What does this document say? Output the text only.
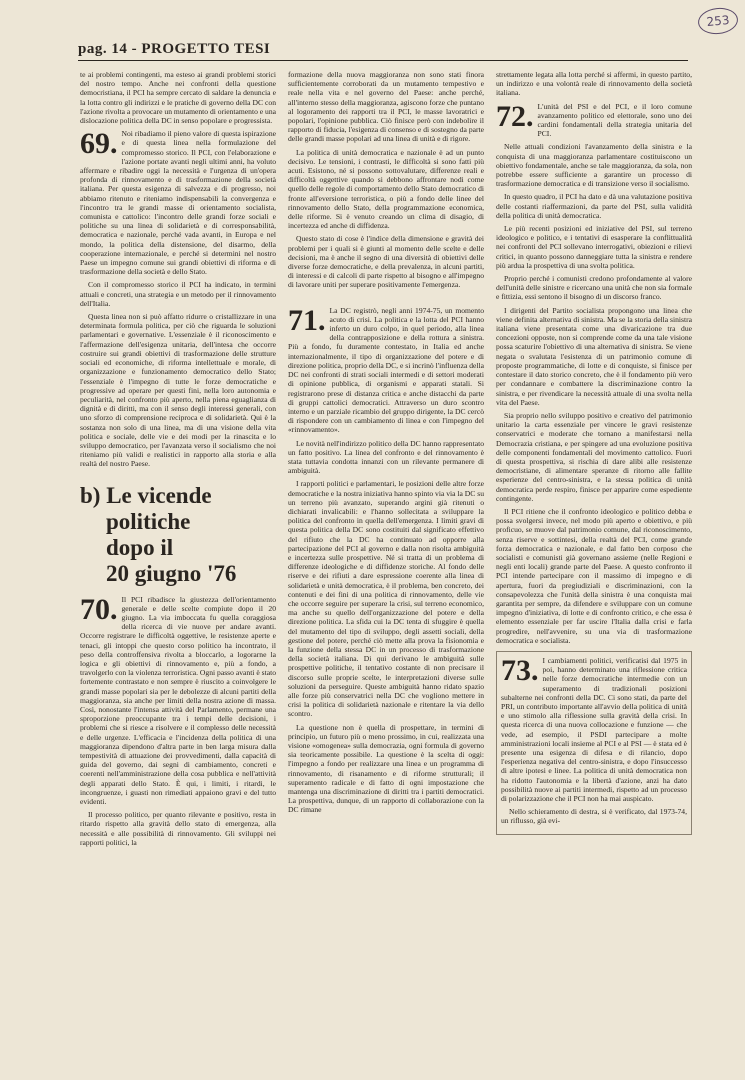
pag. 14 - PROGETTO TESI
253

te ai problemi contingenti, ma esteso ai grandi problemi storici del nostro tempo. Anche nei confronti della questione democristiana, il PCI ha sempre cercato di saldare la denuncia e la lotta contro gli indirizzi e le pratiche di governo della DC con l'azione rivolta a provocare un mutamento di orientamento e una dislocazione politica della DC in senso popolare e progressista.

69. Noi ribadiamo il pieno valore di questa ispirazione e di questa linea nella formulazione del compromesso storico. Il PCI, con l'elaborazione e l'azione portate avanti negli ultimi anni, ha voluto affermare e ribadire oggi la necessità e l'urgenza di un'opera profonda di rinnovamento e di trasformazione della società italiana. Per questa esigenza di salvezza e di progresso, noi abbiamo ritenuto e riteniamo indispensabili la convergenza e l'incontro tra le grandi masse di orientamento socialista, comunista e cattolico: l'incontro delle grandi forze sociali e politiche su una linea di solidarietà e di corresponsabilità, democratica e nazionale, perché vada avanti, in Europa e nel mondo, la politica della distensione, del disarmo, della cooperazione internazionale, e perché si determini nel nostro Paese un impegno comune sui grandi obiettivi di riforma e di trasformazione della società e dello Stato.

Con il compromesso storico il PCI ha indicato, in termini attuali e concreti, una strategia e un metodo per il rinnovamento dell'Italia.

Questa linea non si può affatto ridurre o cristallizzare in una determinata formula politica, per ciò che riguarda le soluzioni parlamentari e governative. L'essenziale è il riconoscimento e l'affermazione dell'esigenza unitaria, dell'intesa che occorre costruire sui grandi obiettivi di trasformazione delle strutture sociali ed economiche, di riforma intellettuale e morale, di organizzazione e funzionamento democratico dello Stato; l'essenziale è l'impegno di tutte le forze democratiche e progressive ad operare per questi fini, nella loro autonomia e peculiarità, nel confronto più aperto, nella piena eguaglianza di dignità e di diritti, ma con il senso degli interessi generali, con uno sforzo di comprensione reciproca e di solidarietà. Qui è la sostanza non solo di una linea, ma di una visione della vita politica e sociale, delle vie e dei modi per la rinascita e lo sviluppo democratico, per l'avanzata verso il socialismo che noi riteniamo più validi e realistici in rapporto alla storia e alla realtà del nostro Paese.

b) Le vicende
politiche
dopo il
20 giugno '76
70. Il PCI ribadisce la giustezza dell'orientamento generale e delle scelte compiute dopo il 20 giugno. La via imboccata fu quella coraggiosa della ricerca di vie nuove per andare avanti. Occorre registrare le difficoltà oggettive, le resistenze aperte e tenaci, gli intoppi che questo corso politico ha incontrato, il peso della controffensiva rivolta a bloccarlo, a logorarne la logica e gli obiettivi di rinnovamento e, più a fondo, a travolgerlo con la violenza terroristica. Ogni passo avanti è stato fortemente contrastato e non sempre è riuscito a coinvolgere le grandi masse popolari sia per le debolezze di alcuni partiti della maggioranza, sia anche per limiti della nostra azione di massa. Così, nonostante l'intensa attività del Parlamento, permane una sproporzione preoccupante tra i tempi delle decisioni, i problemi che si riesce a risolvere e il complesso delle necessità e delle urgenze. L'efficacia e l'incidenza della politica di una maggioranza dipendono d'altra parte in ben larga misura dalla tempestività di attuazione dei provvedimenti, dalla capacità di guida del governo, dai segni di cambiamento, concreti e coerenti nell'amministrazione della cosa pubblica e nell'attività degli apparati dello Stato. È qui, i limiti, i ritardi, le incongruenze, i guasti non rimediati appaiono gravi e del tutto evidenti.

Il processo politico, per quanto rilevante e positivo, resta in ritardo rispetto alla gravità dello stato di emergenza, alla necessità e alle possibilità di rinnovamento. Gli sviluppi nei rapporti politici, la

formazione della nuova maggioranza non sono stati finora sufficientemente corroborati da un mutamento tempestivo e reale nella vita e nel governo del Paese: anche perché, all'interno stesso della maggioranza, agiscono forze che puntano al logoramento dei rapporti tra il PCI, le masse lavoratrici e popolari, l'opinione pubblica. Ciò finisce però con indebolire il rapporto di fiducia, l'esigenza di consenso e di sostegno da parte delle grandi masse popolari ad una linea di unità e di rigore.

La politica di unità democratica e nazionale è ad un punto decisivo. Le tensioni, i contrasti, le difficoltà si sono fatti più acuti. Esistono, né si possono sottovalutare, differenze reali e difficoltà oggettive quando si debbono affrontare nodi come quello delle regole di comportamento dello Stato democratico di fronte all'eversione terroristica, o più a fondo delle linee del rinnovamento dello Stato, della programmazione economica, delle riforme. Si è venuto creando un clima di disagio, di incertezza ed anche di diffidenza.

Questo stato di cose è l'indice della dimensione e gravità dei problemi per i quali si è giunti al momento delle scelte e delle decisioni, ma è anche il segno di una diversità di obiettivi delle diverse forze democratiche, e della prevalenza, in alcuni partiti, di interessi e di calcoli di parte rispetto al bisogno e all'impegno di lavorare uniti per superare positivamente l'emergenza.

71. La DC registrò, negli anni 1974-75, un momento acuto di crisi. La politica e la lotta del PCI hanno inferto un duro colpo, in quel periodo, alla linea della contrapposizione e della rottura a sinistra. Più a fondo, fu duramente contestato, in Italia ed anche internazionalmente, il tipo di organizzazione del potere e di direzione politica, proprio della DC, e si incrinò l'influenza della DC nei confronti di strati sociali intermedi e di settori moderati di opinione pubblica, di organismi e apparati statali. Si registrarono prese di distanza critica e anche distacchi da parte di gruppi cattolici democratici. Attraverso un duro scontro interno e un parziale ricambio del gruppo dirigente, la DC cercò di rispondere con un cambiamento di linea e con l'impegno del «rinnovamento».

Le novità nell'indirizzo politico della DC hanno rappresentato un fatto positivo. La linea del confronto e del rinnovamento è stata tuttavia condotta innanzi con un rilevante permanere di ambiguità.

I rapporti politici e parlamentari, le posizioni delle altre forze democratiche e la nostra iniziativa hanno spinto via via la DC su un terreno più avanzato, superando argini già ritenuti o dichiarati invalicabili: e l'hanno sollecitata a sviluppare la politica del confronto in quella dell'emergenza. I limiti gravi di questa politica della DC sono costituiti dal significato effettivo del rifiuto che la DC ha continuato ad opporre alla partecipazione del PCI al governo e dalla non risolta ambiguità e incertezza sulle prospettive. Né si tratta di un problema di differenze ideologiche e di diffidenze storiche. Al fondo delle riserve e dei rifiuti a dare espressione coerente alla linea di solidarietà e unità democratica, è il problema, ben concreto, dei contenuti e dei fini di una politica di rinnovamento, delle vie che occorre seguire per superare la crisi, sul terreno economico, ma anche su quello dell'organizzazione del potere e della direzione politica. La sfida cui la DC tenta di sfuggire è quella del mutamento del tipo di sviluppo, degli assetti sociali, della gestione del potere, perché ciò mette alla prova la fisionomia e la funzione della stessa DC in un processo di trasformazione della società italiana. Di qui derivano le ambiguità sulle prospettive politiche, il tentativo costante di non precisare il discorso sulle proprie scelte, le interpretazioni diverse sulle soluzioni da perseguire. Queste ambiguità hanno ridato spazio alle forze più conservatrici nella DC che vogliono mettere in crisi la politica di solidarietà nazionale e ritentare la via dello scontro.

La questione non è quella di prospettare, in termini di principio, un futuro più o meno prossimo, in cui, realizzata una visione «omogenea» sulla democrazia, ogni formula di governo sia teoricamente possibile. La questione è la scelta di oggi: l'impegno a fondo per realizzare una linea e un programma di rinnovamento, di risanamento e di riforme strutturali; il superamento radicale e di fatto di ogni impostazione che mantenga una discriminazione di diritti tra i partiti democratici. La prospettiva, dunque, di un rapporto di collaborazione con la DC rimane

strettamente legata alla lotta perché si affermi, in questo partito, un indirizzo e una volontà reale di rinnovamento della società italiana.

72. L'unità del PSI e del PCI, e il loro comune avanzamento politico ed elettorale, sono uno dei cardini fondamentali della strategia unitaria del PCI.

Nelle attuali condizioni l'avanzamento della sinistra e la conquista di una maggioranza parlamentare costituiscono un obiettivo fondamentale, anche se tale maggioranza, da sola, non potrebbe essere sufficiente a garantire un processo di trasformazione democratica e di transizione verso il socialismo.

In questo quadro, il PCI ha dato e dà una valutazione positiva delle costanti riaffermazioni, da parte del PSI, sulla validità della politica di unità democratica.

Le più recenti posizioni ed iniziative del PSI, sul terreno ideologico e politico, e i tentativi di esasperare la conflittualità nei confronti del PCI sollevano interrogativi, obiezioni e rilievi critici, in quanto possono danneggiare tutta la sinistra e rendere più ardua la prospettiva di una svolta politica.

Proprio perché i comunisti credono profondamente al valore dell'unità delle sinistre e ricercano una unità che non sia formale e fittizia, essi sentono il bisogno di un discorso franco.

I dirigenti del Partito socialista propongono una linea che viene definita alternativa di sinistra. Ma se la storia della sinistra italiana viene presentata come una divaricazione tra due concezioni opposte, non si comprende come da una tale visione possa scaturire l'obiettivo di una alternativa di sinistra. Se viene negata o svalutata l'esistenza di un patrimonio comune di proposte programmatiche, di lotte e di conquiste, si finisce per contestare il dato storico concreto, che è il fondamento più vero per condannare e combattere la discriminazione contro la sinistra, e per rivendicare la necessità attuale di una svolta nella vita del Paese.

Sia proprio nello sviluppo positivo e creativo del patrimonio unitario la carta essenziale per vincere le gravi resistenze conservatrici e moderate che tornano a manifestarsi nella Democrazia cristiana, e per spingere ad una evoluzione positiva delle componenti fondamentali del movimento cattolico. Fuori di questa prospettiva, si rischia di dare alibi alle resistenze democristiane, di alimentare speranze di ritorno alle fallite esperienze del centro-sinistra, e la stessa politica di unità democratica perde respiro, finisce per apparire come espediente contingente.

Il PCI ritiene che il confronto ideologico e politico debba e possa svolgersi invece, nel modo più aperto e obiettivo, e più proficuo, se muove dal patrimonio comune, dal riconoscimento, senza riserve e sottintesi, della realtà del PCI, come grande forza democratica e nazionale, e dal fatto ben corposo che socialisti e comunisti già governano assieme (nelle Regioni e negli enti locali) grande parte del Paese. A questo confronto il PCI intende partecipare con il massimo di impegno e di apertura, fuori da pregiudiziali e discriminazioni, con la consapevolezza che l'unità della sinistra è una conquista mai garantita per sempre, da difendere e sviluppare con un comune impegno d'iniziativa, di lotte e di confronto critico, e che essa è elemento essenziale per far uscire l'Italia dalla crisi e farla progredire, nell'avvenire, su una via di trasformazione democratica e socialista.

73. I cambiamenti politici, verificatisi dal 1975 in poi, hanno determinato una riflessione critica nelle forze democratiche intermedie con un superamento di tradizionali posizioni subalterne nei confronti della DC. Ci sono stati, da parte del PRI, un contributo importante all'avvio della politica di unità e uno stimolo alla riflessione sulla gravità della crisi. In questa ricerca di una nuova collocazione e funzione — che vede, ad esempio, il PSDI partecipare a molte amministrazioni locali insieme al PCI e al PSI — è stata ed è presente una esigenza di difesa e di rilancio, dopo l'esperienza negativa del centro-sinistra, e dopo l'insuccesso di altre ipotesi e linee. La politica di unità democratica non ha ridotto l'autonomia e la libertà d'azione, anzi ha dato possibilità nuove ai partiti intermedi, rispetto ad un processo di polarizzazione che il PCI non ha mai auspicato.

Nello schieramento di destra, si è verificato, dal 1973-74, un riflusso, già evi-
